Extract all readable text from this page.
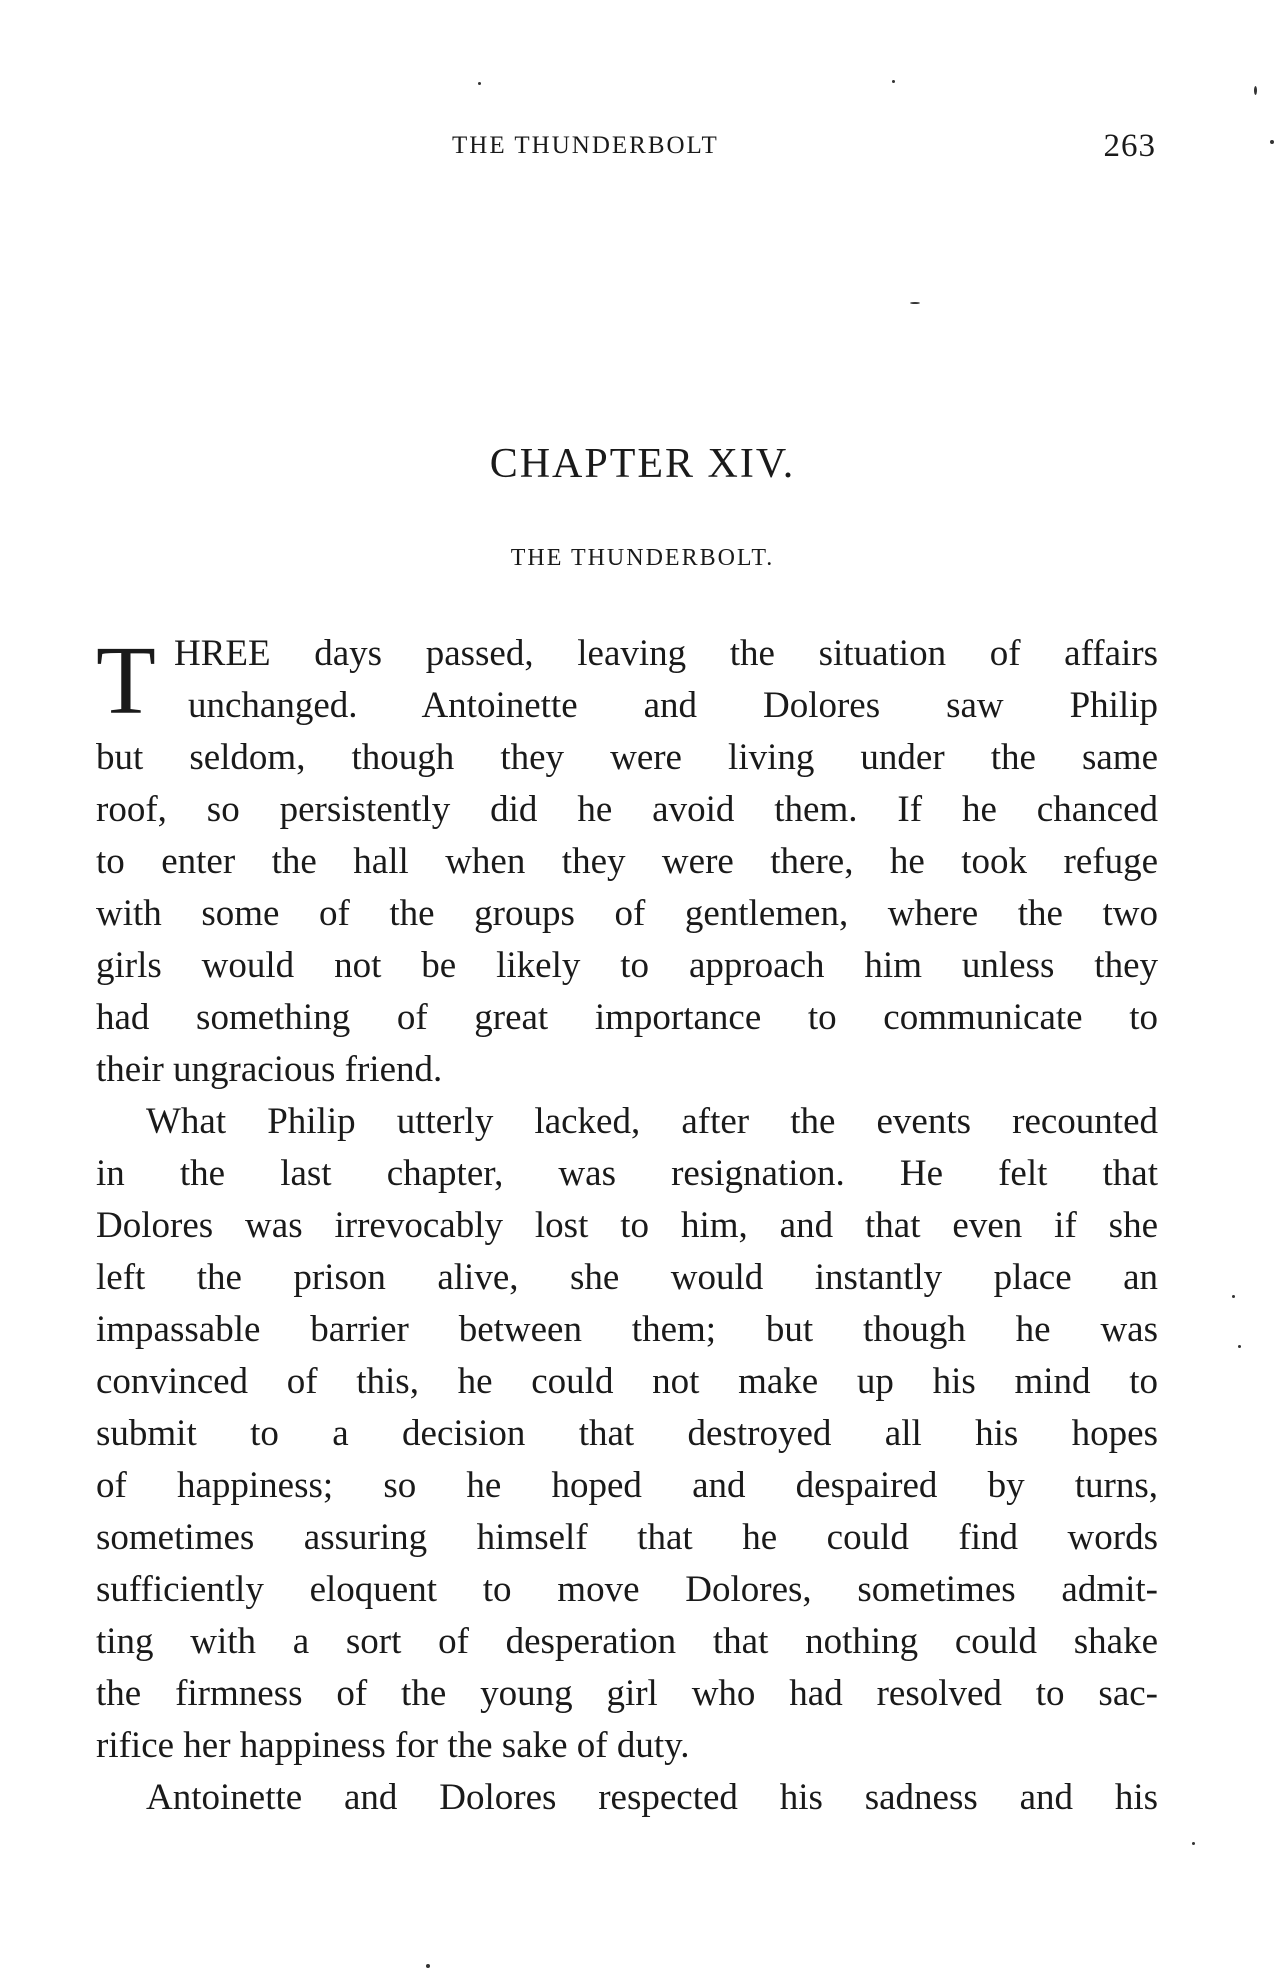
THE THUNDERBOLT	263
CHAPTER XIV.
THE THUNDERBOLT.
T HREE days passed, leaving the situation of affairs
unchanged. Antoinette and Dolores saw Philip
but seldom, though they were living under the same
roof, so persistently did he avoid them. If he chanced
to enter the hall when they were there, he took refuge
with some of the groups of gentlemen, where the two
girls would not be likely to approach him unless they
had something of great importance to communicate to
their ungracious friend.
What Philip utterly lacked, after the events recounted
in the last chapter, was resignation. He felt that
Dolores was irrevocably lost to him, and that even if she
left the prison alive, she would instantly place an
impassable barrier between them; but though he was
convinced of this, he could not make up his mind to
submit to a decision that destroyed all his hopes
of happiness; so he hoped and despaired by turns,
sometimes assuring himself that he could find words
sufficiently eloquent to move Dolores, sometimes admit-
ting with a sort of desperation that nothing could shake
the firmness of the young girl who had resolved to sac-
rifice her happiness for the sake of duty.
Antoinette and Dolores respected his sadness and his
